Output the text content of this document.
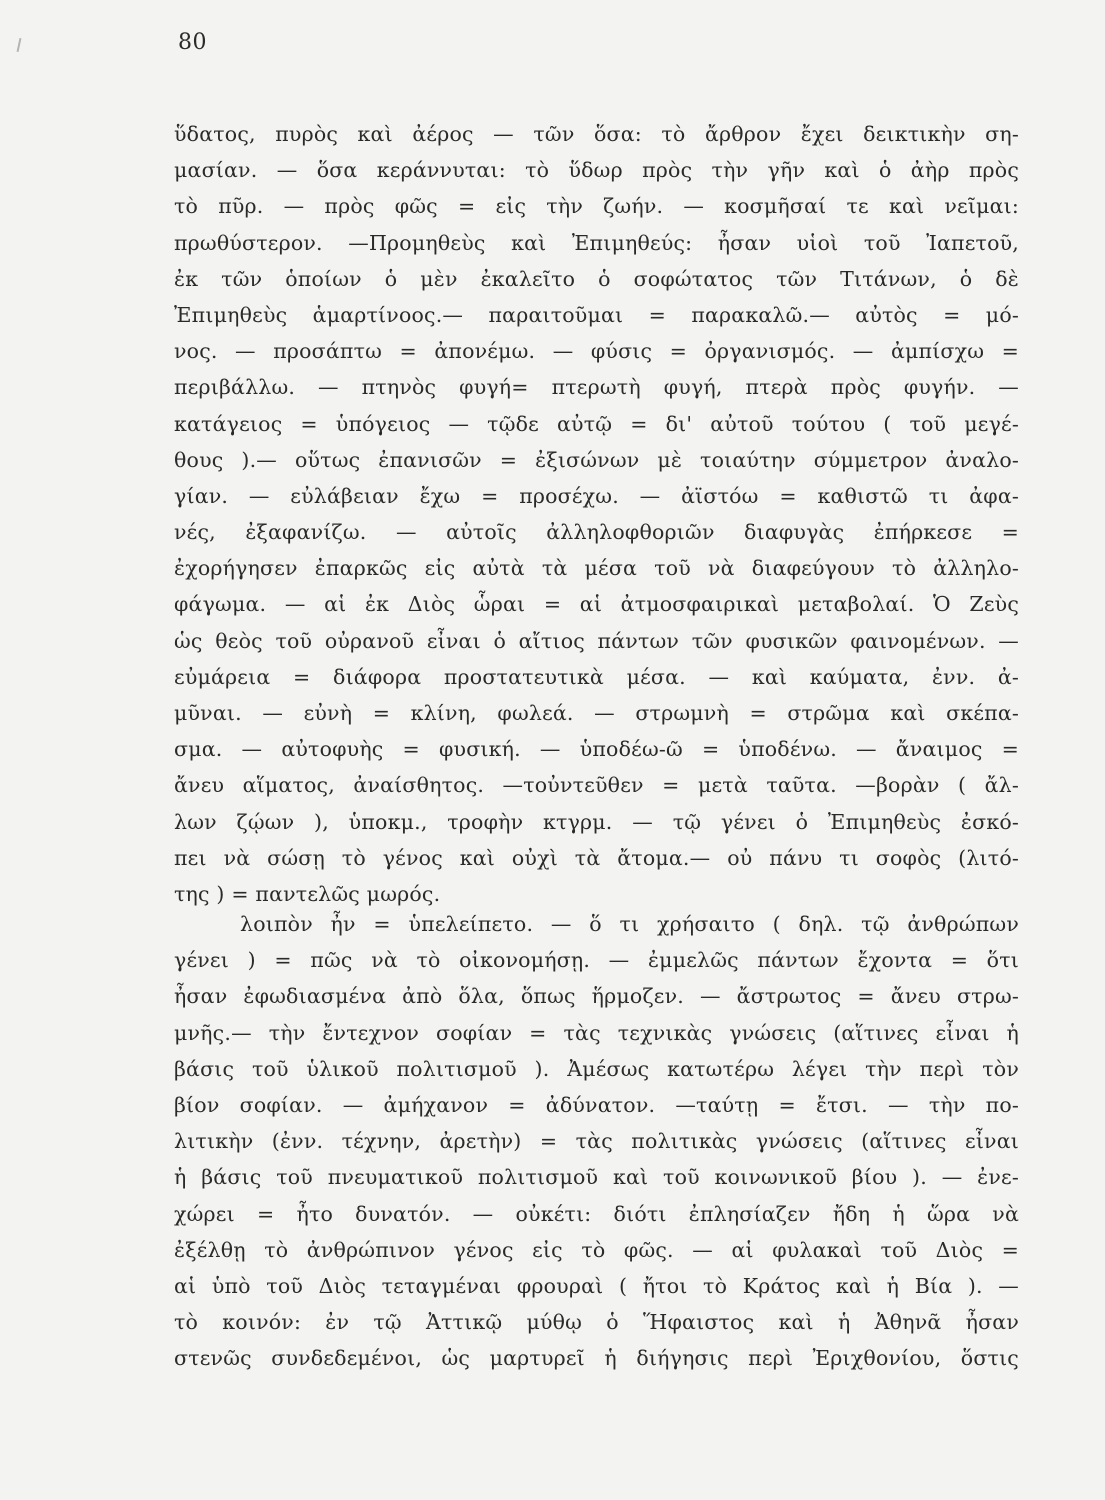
80
ὕδατος, πυρὸς καὶ ἀέρος — τῶν ὅσα: τὸ ἄρθρον ἔχει δεικτικὴν ση-
μασίαν. — ὅσα κεράννυται: τὸ ὕδωρ πρὸς τὴν γῆν καὶ ὁ ἀὴρ πρὸς
τὸ πῦρ. — πρὸς φῶς = εἰς τὴν ζωήν. — κοσμῆσαί τε καὶ νεῖμαι:
πρωθύστερον. —Προμηθεὺς καὶ Ἐπιμηθεύς: ἦσαν υἱοὶ τοῦ Ἰαπετοῦ,
ἐκ τῶν ὁποίων ὁ μὲν ἐκαλεῖτο ὁ σοφώτατος τῶν Τιτάνων, ὁ δὲ
Ἐπιμηθεὺς ἁμαρτίνοος.— παραιτοῦμαι = παρακαλῶ.— αὐτὸς = μό-
νος. — προσάπτω = ἀπονέμω. — φύσις = ὀργανισμός. — ἀμπίσχω =
περιβάλλω. — πτηνὸς φυγή= πτερωτὴ φυγή, πτερὰ πρὸς φυγήν. —
κατάγειος = ὑπόγειος — τῷδε αὐτῷ = δι' αὐτοῦ τούτου ( τοῦ μεγέ-
θους ).— οὕτως ἐπανισῶν = ἐξισώνων μὲ τοιαύτην σύμμετρον ἀναλο-
γίαν. — εὐλάβειαν ἔχω = προσέχω. — ἀϊστόω = καθιστῶ τι ἀφα-
νές, ἐξαφανίζω. — αὐτοῖς ἀλληλοφθοριῶν διαφυγὰς ἐπήρκεσε =
ἐχορήγησεν ἐπαρκῶς εἰς αὐτὰ τὰ μέσα τοῦ νὰ διαφεύγουν τὸ ἀλληλο-
φάγωμα. — αἱ ἐκ Διὸς ὧραι = αἱ ἀτμοσφαιρικαὶ μεταβολαί. Ὁ Ζεὺς
ὡς θεὸς τοῦ οὐρανοῦ εἶναι ὁ αἴτιος πάντων τῶν φυσικῶν φαινομένων. —
εὐμάρεια = διάφορα προστατευτικὰ μέσα. — καὶ καύματα, ἐνν. ἀ-
μῦναι. — εὐνὴ = κλίνη, φωλεά. — στρωμνὴ = στρῶμα καὶ σκέπα-
σμα. — αὐτοφυὴς = φυσική. — ὑποδέω-ῶ = ὑποδένω. — ἄναιμος =
ἄνευ αἵματος, ἀναίσθητος. —τοὐντεῦθεν = μετὰ ταῦτα. —βορὰν ( ἄλ-
λων ζῴων ), ὑποκμ., τροφὴν κτγρμ. — τῷ γένει ὁ Ἐπιμηθεὺς ἐσκό-
πει νὰ σώσῃ τὸ γένος καὶ οὐχὶ τὰ ἄτομα.— οὐ πάνυ τι σοφὸς (λιτό-
της ) = παντελῶς μωρός.
λοιπὸν ἦν = ὑπελείπετο. — ὅ τι χρήσαιτο ( δηλ. τῷ ἀνθρώπων
γένει ) = πῶς νὰ τὸ οἰκονομήσῃ. — ἐμμελῶς πάντων ἔχοντα = ὅτι
ἦσαν ἐφωδιασμένα ἀπὸ ὅλα, ὅπως ἥρμοζεν. — ἄστρωτος = ἄνευ στρω-
μνῆς.— τὴν ἔντεχνον σοφίαν = τὰς τεχνικὰς γνώσεις (αἵτινες εἶναι ἡ
βάσις τοῦ ὑλικοῦ πολιτισμοῦ ). Ἀμέσως κατωτέρω λέγει τὴν περὶ τὸν
βίον σοφίαν. — ἀμήχανον = ἀδύνατον. —ταύτῃ = ἔτσι. — τὴν πο-
λιτικὴν (ἐνν. τέχνην, ἀρετὴν) = τὰς πολιτικὰς γνώσεις (αἵτινες εἶναι
ἡ βάσις τοῦ πνευματικοῦ πολιτισμοῦ καὶ τοῦ κοινωνικοῦ βίου ). — ἐνε-
χώρει = ἦτο δυνατόν. — οὐκέτι: διότι ἐπλησίαζεν ἤδη ἡ ὥρα νὰ
ἐξέλθῃ τὸ ἀνθρώπινον γένος εἰς τὸ φῶς. — αἱ φυλακαὶ τοῦ Διὸς =
αἱ ὑπὸ τοῦ Διὸς τεταγμέναι φρουραὶ ( ἤτοι τὸ Κράτος καὶ ἡ Βία ). —
τὸ κοινόν: ἐν τῷ Ἀττικῷ μύθῳ ὁ Ἥφαιστος καὶ ἡ Ἀθηνᾶ ἦσαν
στενῶς συνδεδεμένοι, ὡς μαρτυρεῖ ἡ διήγησις περὶ Ἐριχθονίου, ὅστις
